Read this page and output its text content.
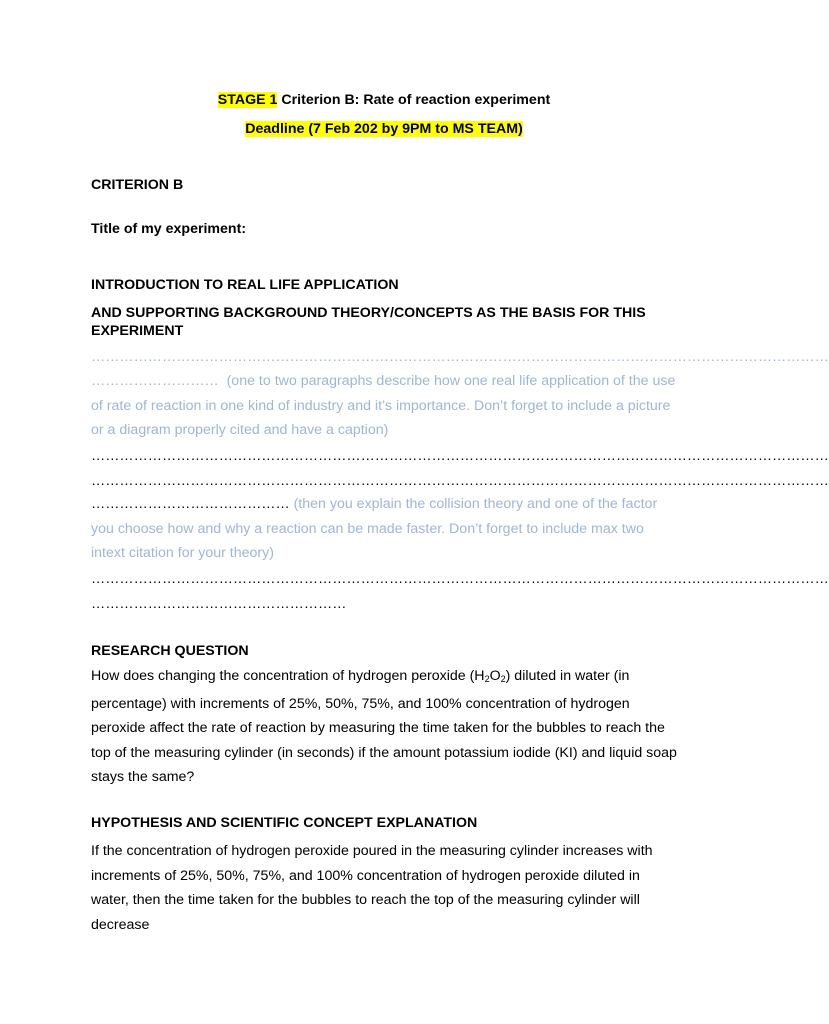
STAGE 1 Criterion B: Rate of reaction experiment
Deadline (7 Feb 202 by 9PM to MS TEAM)
CRITERION B
Title of my experiment:
INTRODUCTION TO REAL LIFE APPLICATION
AND SUPPORTING BACKGROUND THEORY/CONCEPTS AS THE BASIS FOR THIS EXPERIMENT
…………………………………………………………………………………………………………………………………………
……………………… (one to two paragraphs describe how one real life application of the use of rate of reaction in one kind of industry and it’s importance. Don’t forget to include a picture or a diagram properly cited and have a caption)
…………………………………………………………………………………………………………………………………………
…………………………………………………………………………………………………………………………………………
…………………………………… (then you explain the collision theory and one of the factor you choose how and why a reaction can be made faster. Don’t forget to include max two intext citation for your theory)
…………………………………………………………………………………………………………………………………………
………………………………………………
RESEARCH QUESTION
How does changing the concentration of hydrogen peroxide $(H_2O_2)$ diluted in water (in percentage) with increments of 25%, 50%, 75%, and 100% concentration of hydrogen peroxide affect the rate of reaction by measuring the time taken for the bubbles to reach the top of the measuring cylinder (in seconds) if the amount potassium iodide (KI) and liquid soap stays the same?
HYPOTHESIS AND SCIENTIFIC CONCEPT EXPLANATION
If the concentration of hydrogen peroxide poured in the measuring cylinder increases with increments of 25%, 50%, 75%, and 100% concentration of hydrogen peroxide diluted in water, then the time taken for the bubbles to reach the top of the measuring cylinder will decrease
